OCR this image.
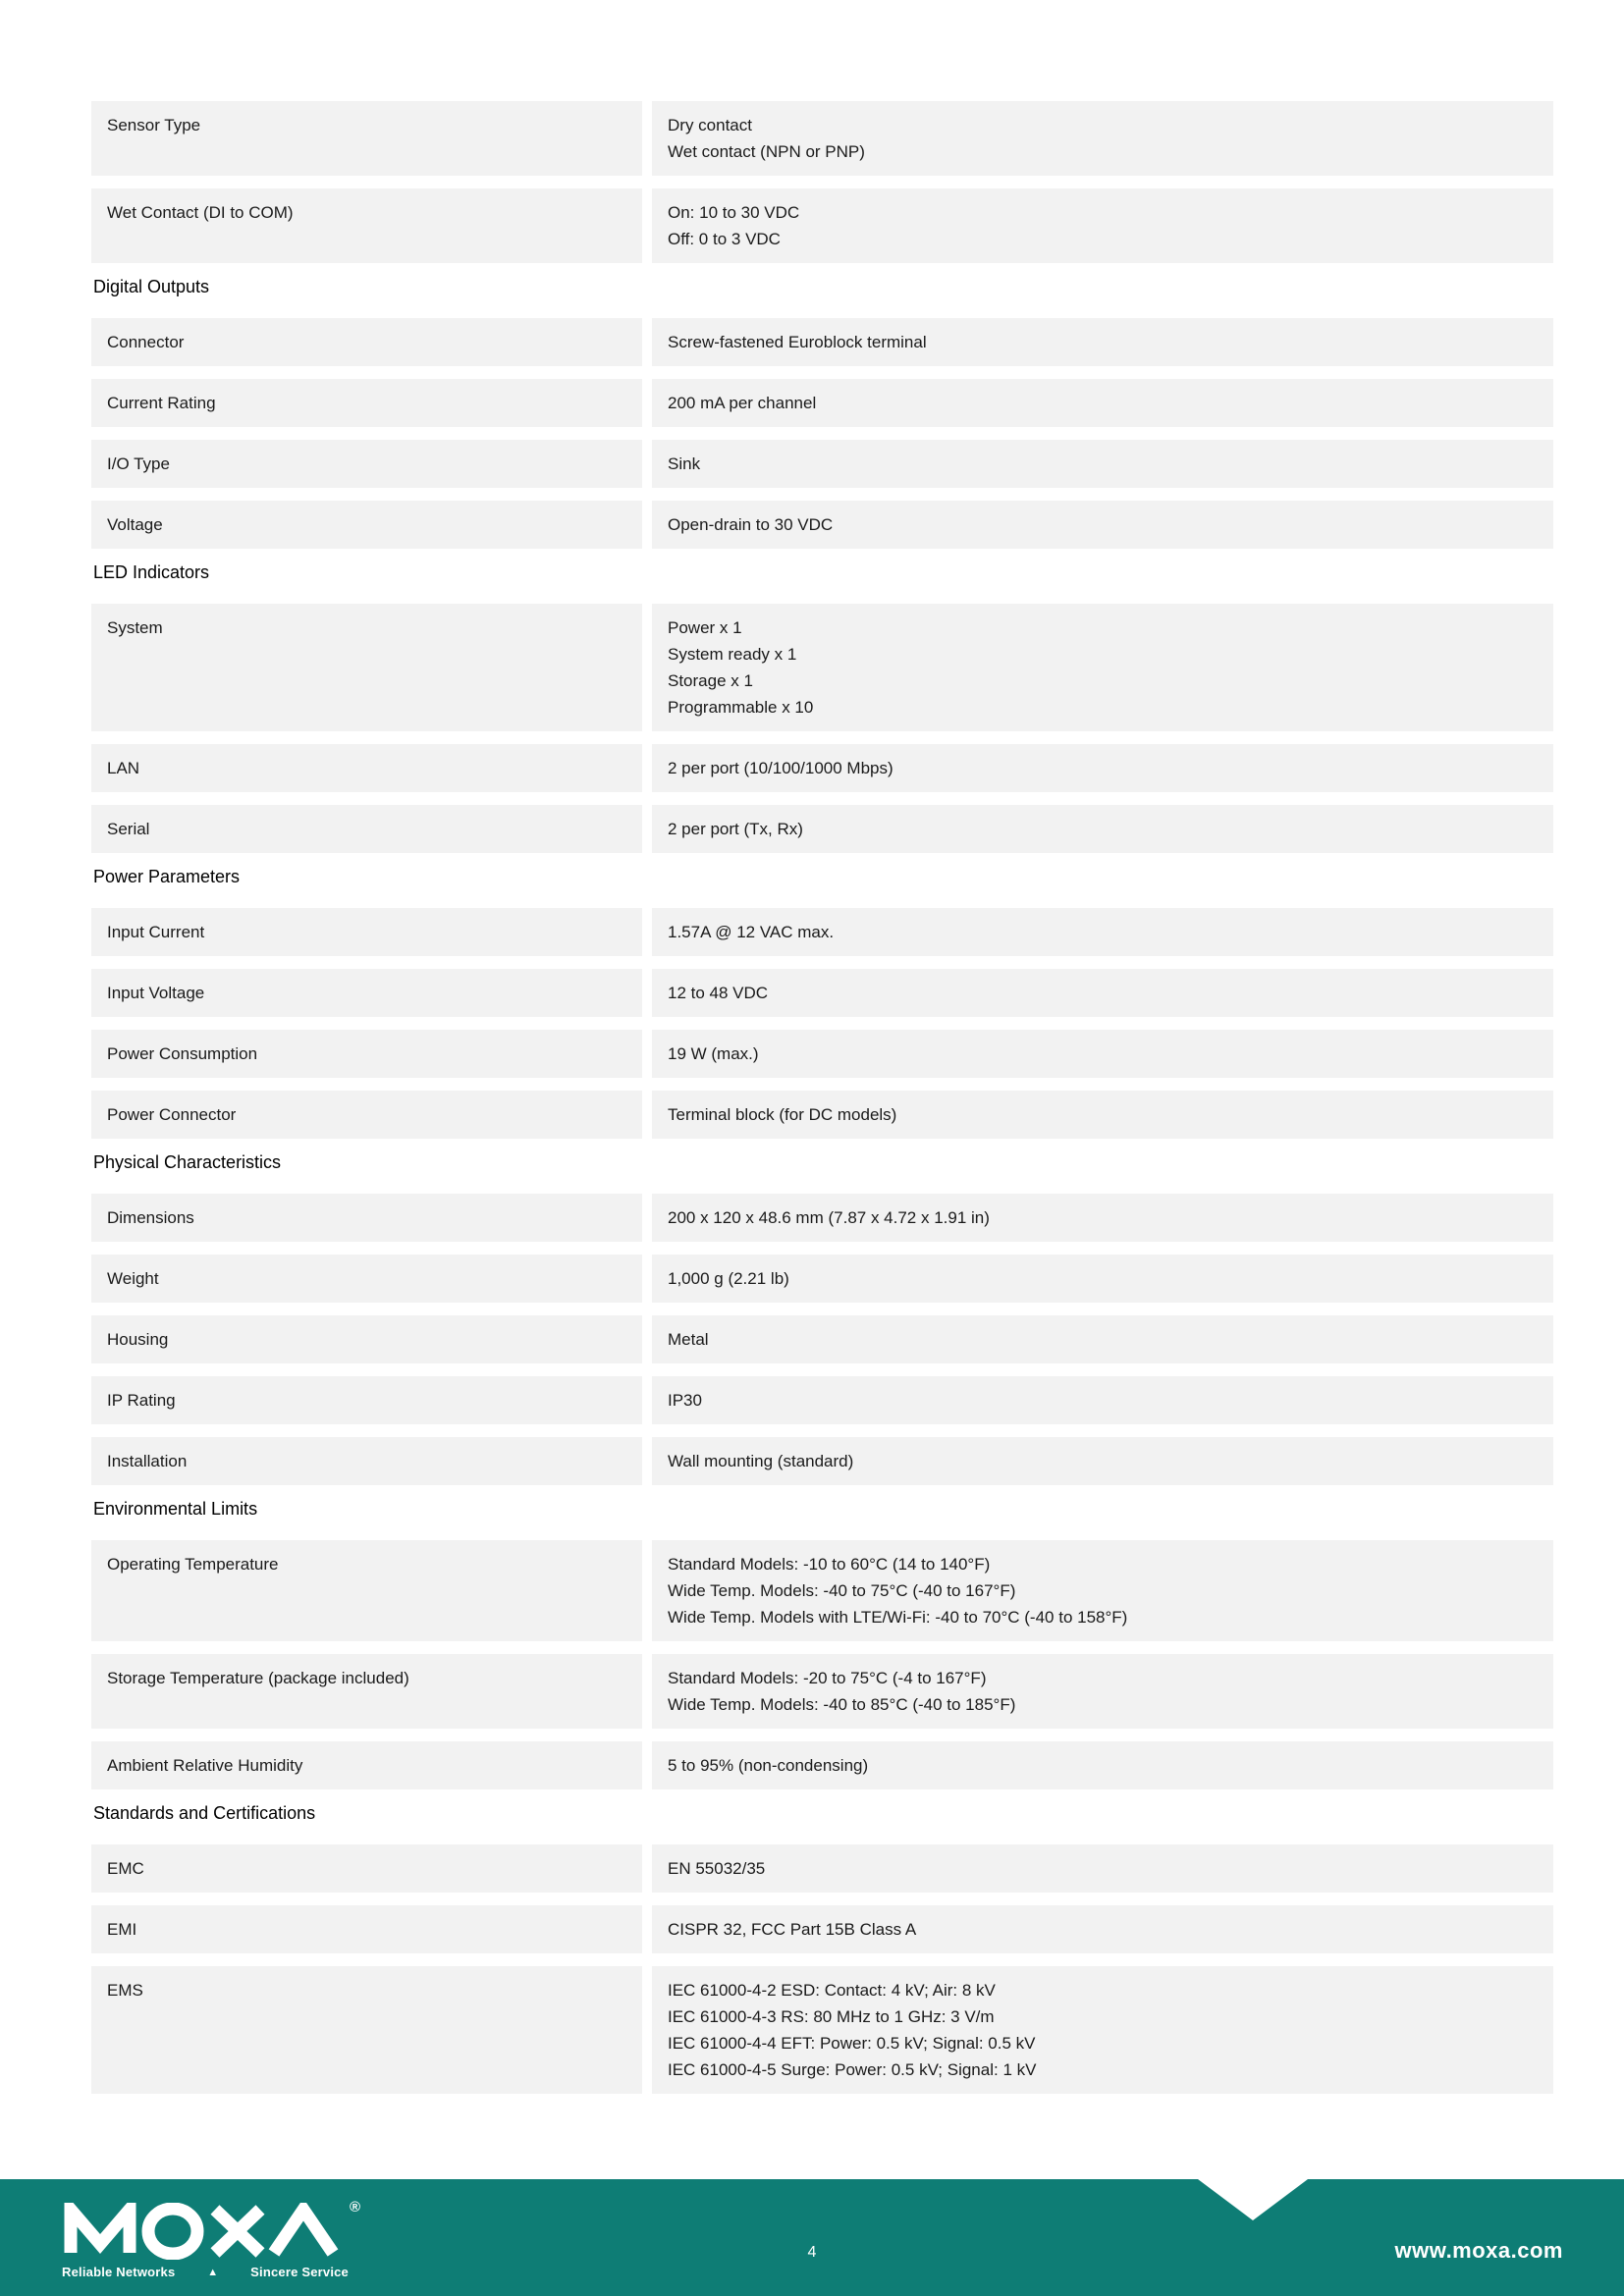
Sensor Type	Dry contact
Wet contact (NPN or PNP)
Wet Contact (DI to COM)	On: 10 to 30 VDC
Off: 0 to 3 VDC
Digital Outputs
Connector	Screw-fastened Euroblock terminal
Current Rating	200 mA per channel
I/O Type	Sink
Voltage	Open-drain to 30 VDC
LED Indicators
System	Power x 1
System ready x 1
Storage x 1
Programmable x 10
LAN	2 per port (10/100/1000 Mbps)
Serial	2 per port (Tx, Rx)
Power Parameters
Input Current	1.57A @ 12 VAC max.
Input Voltage	12 to 48 VDC
Power Consumption	19 W (max.)
Power Connector	Terminal block (for DC models)
Physical Characteristics
Dimensions	200 x 120 x 48.6 mm (7.87 x 4.72 x 1.91 in)
Weight	1,000 g (2.21 lb)
Housing	Metal
IP Rating	IP30
Installation	Wall mounting (standard)
Environmental Limits
Operating Temperature	Standard Models: -10 to 60°C (14 to 140°F)
Wide Temp. Models: -40 to 75°C (-40 to 167°F)
Wide Temp. Models with LTE/Wi-Fi: -40 to 70°C (-40 to 158°F)
Storage Temperature (package included)	Standard Models: -20 to 75°C (-4 to 167°F)
Wide Temp. Models: -40 to 85°C (-40 to 185°F)
Ambient Relative Humidity	5 to 95% (non-condensing)
Standards and Certifications
EMC	EN 55032/35
EMI	CISPR 32, FCC Part 15B Class A
EMS	IEC 61000-4-2 ESD: Contact: 4 kV; Air: 8 kV
IEC 61000-4-3 RS: 80 MHz to 1 GHz: 3 V/m
IEC 61000-4-4 EFT: Power: 0.5 kV; Signal: 0.5 kV
IEC 61000-4-5 Surge: Power: 0.5 kV; Signal: 1 kV
®
Reliable Networks	▲	Sincere Service
4	www.moxa.com
